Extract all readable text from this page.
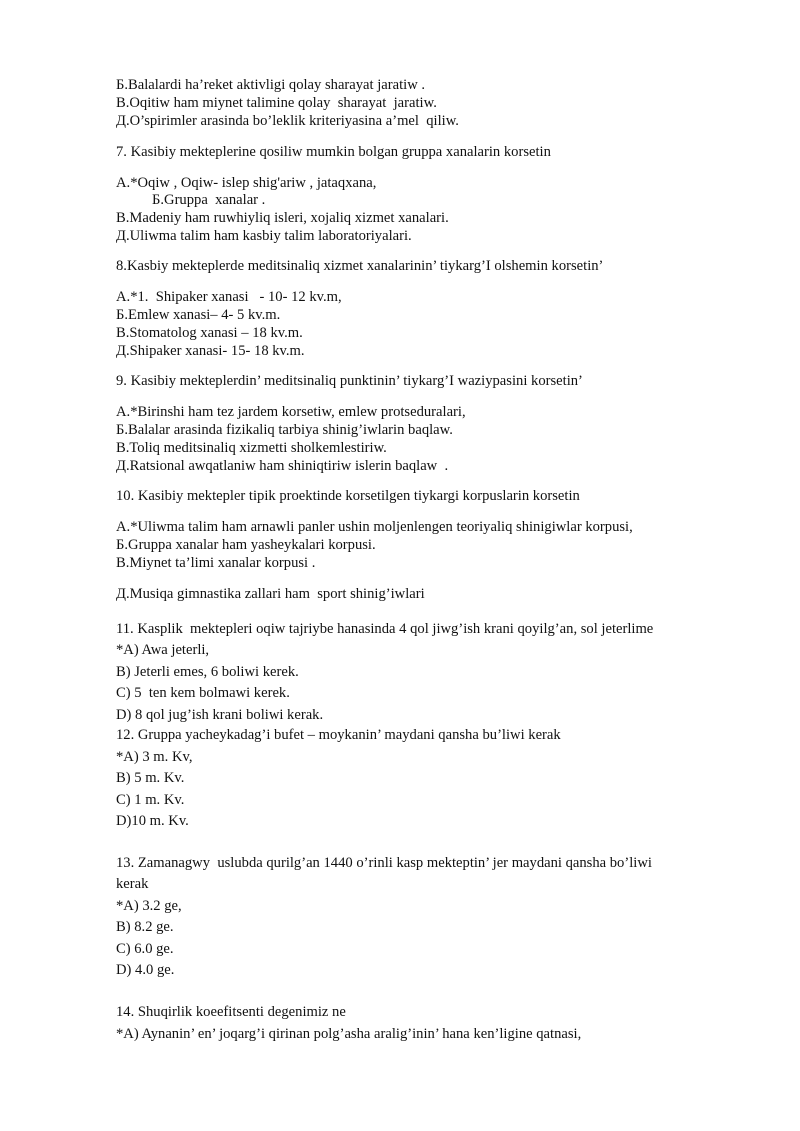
Б.Balalardi ha’reket aktivligi qolay sharayat jaratiw .
B.Oqitiw ham miynet talimine qolay  sharayat  jaratiw.
Д.O’spirimler arasinda bo’leklik kriteriyasina a’mel  qiliw.
7. Kasibiy mekteplerine qosiliw mumkin bolgan gruppa xanalarin korsetin
A.*Oqiw , Oqiw- islep shig'ariw , jataqxana,
Б.Gruppa  xanalar .
B.Madeniy ham ruwhiyliq isleri, xojaliq xizmet xanalari.
Д.Uliwma talim ham kasbiy talim laboratoriyalari.
8.Kasbiy mekteplerde meditsinaliq xizmet xanalarinin’ tiykarg’I olshemin korsetin’
A.*1.  Shipaker xanasi   - 10- 12 kv.m,
Б.Emlew xanasi– 4- 5 kv.m.
B.Stomatolog xanasi – 18 kv.m.
Д.Shipaker xanasi- 15- 18 kv.m.
9. Kasibiy mekteplerdin’ meditsinaliq punktinin’ tiykarg’I waziypasini korsetin’
A.*Birinshi ham tez jardem korsetiw, emlew protseduralari,
Б.Balalar arasinda fizikaliq tarbiya shinig’iwlarin baqlaw.
B.Toliq meditsinaliq xizmetti sholkemlestiriw.
Д.Ratsional awqatlaniw ham shiniqtiriw islerin baqlaw  .
10. Kasibiy mektepler tipik proektinde korsetilgen tiykargi korpuslarin korsetin
A.*Uliwma talim ham arnawli panler ushin moljenlengen teoriyaliq shinigiwlar korpusi,
Б.Gruppa xanalar ham yasheykalari korpusi.
B.Miynet ta’limi xanalar korpusi .
Д.Musiqa gimnastika zallari ham  sport shinig’iwlari
11. Kasplik  mektepleri oqiw tajriybe hanasinda 4 qol jiwg’ish krani qoyilg’an, sol jeterlime
*A) Awa jeterli,
B) Jeterli emes, 6 boliwi kerek.
C) 5  ten kem bolmawi kerek.
D) 8 qol jug’ish krani boliwi kerak.
12. Gruppa yacheykadag’i bufet – moykanin’ maydani qansha bu’liwi kerak
*A) 3 m. Kv,
B) 5 m. Kv.
C) 1 m. Kv.
D)10 m. Kv.
13. Zamanagwy  uslubda qurilg’an 1440 o’rinli kasp mekteptin’ jer maydani qansha bo’liwi
kerak
*A) 3.2 ge,
B) 8.2 ge.
C) 6.0 ge.
D) 4.0 ge.
14. Shuqirlik koeefitsenti degenimiz ne
*A) Aynanin’ en’ joqarg’i qirinan polg’asha aralig’inin’ hana ken’ligine qatnasi,
